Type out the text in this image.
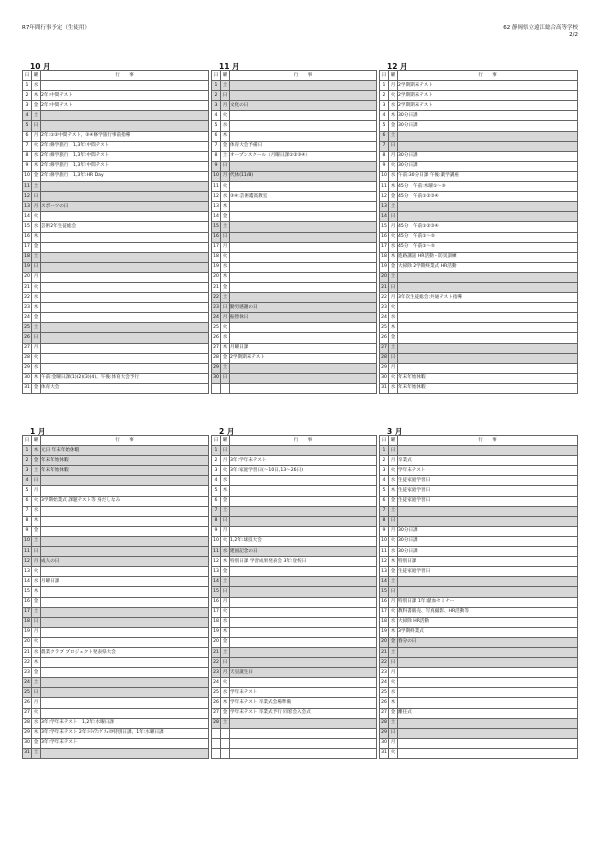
R7年間行事予定（生徒用）	62 静岡県立遠江総合高等学校
2/2
10 月
日	曜	行　　事
1	水	
2	木	2年:中間テスト
3	金	2年:中間テスト
4	土	
5	日	
6	月	2年:①②中間テスト、③④修学旅行事前指導
7	火	2年:修学旅行　1,3年:中間テスト
8	水	2年:修学旅行　1,3年:中間テスト
9	木	2年:修学旅行　1,3年:中間テスト
10	金	2年:修学旅行　1,3年:HR Day
11	土	
12	日	
13	月	スポーツの日
14	火	
15	水	芸術2年生徒総会
16	木	
17	金	
18	土	
19	日	
20	月	
21	火	
22	水	
23	木	
24	金	
25	土	
26	日	
27	月	
28	火	
29	水	
30	木	午前:金曜日課(1)(2)(3)(4)、午後:体育大会予行
31	金	体育大会
11 月
日	曜	行　　事
1	土	
2	日	
3	月	文化の日
4	火	
5	水	
6	木	
7	金	体育大会予備日
8	土	オープンスクール（月曜日課①②③④）
9	日	
10	月	代休(11/8)
11	火	
12	水	③④:芸術鑑賞教室
13	木	
14	金	
15	土	
16	日	
17	月	
18	火	
19	水	
20	木	
21	金	
22	土	
23	日	勤労感謝の日
24	月	振替休日
25	火	
26	水	
27	木	月曜日課
28	金	2学期期末テスト
29	土	
30	日	

12 月
日	曜	行　　事
1	月	2学期期末テスト
2	火	2学期期末テスト
3	水	2学期期末テスト
4	木	30分日課
5	金	30分日課
6	土	
7	日	
8	月	30分日課
9	火	30分日課
10	水	午前:30分日課 午後:薬学講座
11	木	45分　午前:木曜①～⑤
12	金	45分　午前①②③④
13	土	
14	日	
15	月	45分　午前①②③④
16	火	45分　午前①～⑤
17	水	45分　午前①～⑤
18	木	進路講話 HR活動・防災訓練
19	金	大掃除 2学期終業式 HR活動
20	土	
21	日	
22	月	3年次生徒総会:共通テスト指導
23	火	
24	水	
25	木	
26	金	
27	土	
28	日	
29	月	
30	火	年末年始休暇
31	水	年末年始休暇
1 月
日	曜	行　　事
1	木	元日 年末年始休暇
2	金	年末年始休暇
3	土	年末年始休暇
4	日	
5	月	
6	火	3学期始業式 課題テスト等 身だしなみ
7	水	
8	木	
9	金	
10	土	
11	日	
12	月	成人の日
13	火	
14	水	月曜日課
15	木	
16	金	
17	土	
18	日	
19	月	
20	火	
21	水	農業クラブ プロジェクト発表県大会
22	木	
23	金	
24	土	
25	日	
26	月	
27	火	
28	水	3年:学年末テスト　1,2年:水曜日課
29	木	3年:学年末テスト 2年:ﾄﾗｲｱﾝｸﾞﾌｪｽﾀ特別日課、1年:水曜日課
30	金	3年:学年末テスト
31	土	
2 月
日	曜	行　　事
1	日	
2	月	3年:学年末テスト
3	火	3年:家庭学習日(～10日,13～26日)
4	水	
5	木	
6	金	
7	土	
8	日	
9	月	
10	火	1,2年:球技大会
11	水	建国記念の日
12	木	特別日課 学習成果発表会 3年:登校日
13	金	
14	土	
15	日	
16	月	
17	火	
18	水	
19	木	
20	金	
21	土	
22	日	
23	月	天皇誕生日
24	火	
25	水	学年末テスト
26	木	学年末テスト 卒業式会場準備
27	金	学年末テスト 卒業式予行 同窓会入会式
28	土	

3 月
日	曜	行　　事
1	日	
2	月	卒業式
3	火	学年末テスト
4	水	生徒家庭学習日
5	木	生徒家庭学習日
6	金	生徒家庭学習日
7	土	
8	日	
9	月	30分日課
10	火	30分日課
11	水	30分日課
12	木	特別日課
13	金	生徒家庭学習日
14	土	
15	日	
16	月	特別日課 1年:献血セミナー
17	火	教科書販売、写真撮影、HR活動等
18	水	大掃除 HR活動
19	木	3学期終業式
20	金	春分の日
21	土	
22	日	
23	月	
24	火	
25	水	
26	木	
27	金	離任式
28	土	
29	日	
30	月	
31	火	
